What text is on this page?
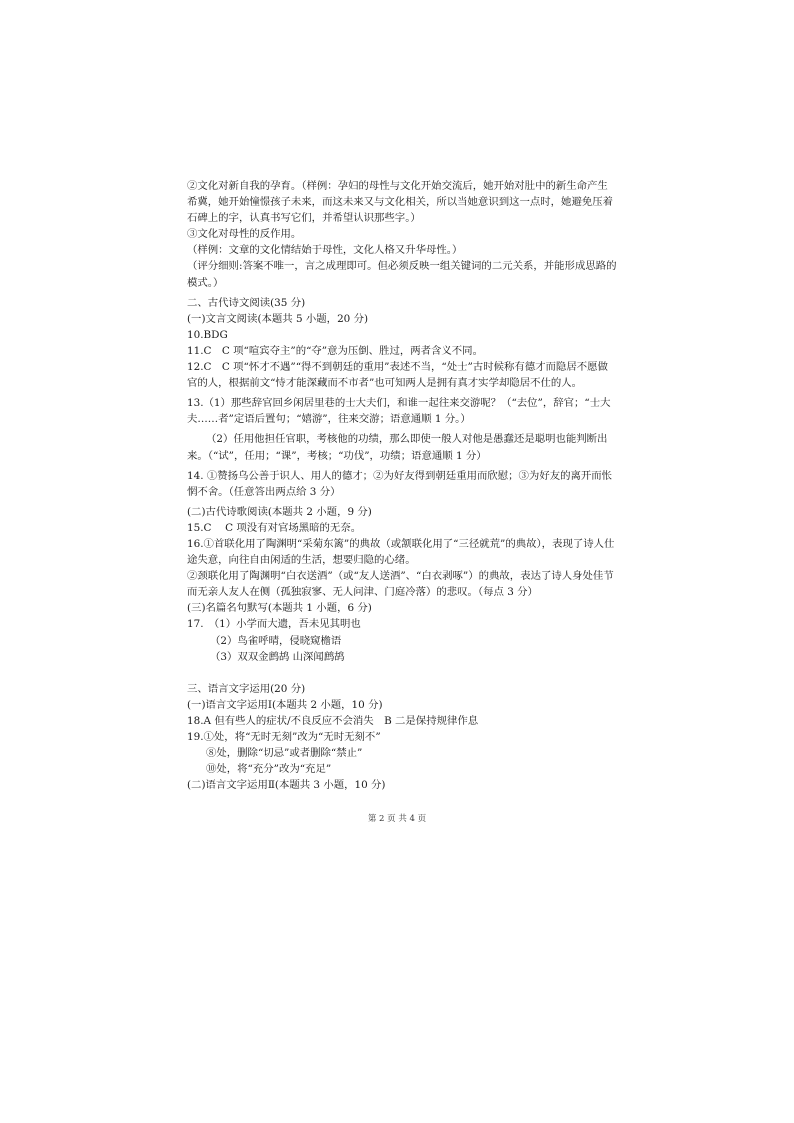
②文化对新自我的孕育。（样例：孕妇的母性与文化开始交流后，她开始对肚中的新生命产生希冀，她开始憧憬孩子未来，而这未来又与文化相关，所以当她意识到这一点时，她避免压着石碑上的字，认真书写它们，并希望认识那些字。）

③文化对母性的反作用。

（样例：文章的文化情结始于母性，文化人格又升华母性。）

（评分细则:答案不唯一，言之成理即可。但必须反映一组关键词的二元关系，并能形成思路的模式。）

二、古代诗文阅读(35 分)

(一)文言文阅读(本题共 5 小题，20 分)

10.BDG

11.C　C 项“喧宾夺主”的“夺”意为压倒、胜过，两者含义不同。

12.C　C 项“怀才不遇”“得不到朝廷的重用”表述不当，“处士”古时候称有德才而隐居不愿做官的人，根据前文“恃才能深藏而不市者”也可知两人是拥有真才实学却隐居不仕的人。

13.（1）那些辞官回乡闲居里巷的士大夫们，和谁一起往来交游呢？（“去位”，辞官；“士大夫……者”定语后置句；“嬉游”，往来交游；语意通顺 1 分。）

（2）任用他担任官职，考核他的功绩，那么即使一般人对他是愚蠢还是聪明也能判断出来。（“试”，任用；“课”，考核；“功伐”，功绩；语意通顺 1 分）

14. ①赞扬乌公善于识人、用人的德才；②为好友得到朝廷重用而欣慰；③为好友的离开而怅惘不舍。（任意答出两点给 3 分）

(二)古代诗歌阅读(本题共 2 小题，9 分)

15.C　 C 项没有对官场黑暗的无奈。

16.①首联化用了陶渊明“采菊东篱”的典故（或颔联化用了“三径就荒”的典故），表现了诗人仕途失意，向往自由闲适的生活，想要归隐的心绪。

②颈联化用了陶渊明“白衣送酒”（或“友人送酒”、“白衣剥啄”）的典故，表达了诗人身处佳节而无亲人友人在侧（孤独寂寥、无人问津、门庭冷落）的悲叹。（每点 3 分）

(三)名篇名句默写(本题共 1 小题，6 分)

17.　（1）小学而大遗，吾未见其明也

（2）鸟雀呼晴，侵晓窥檐语

（3）双双金鹧鸪 山深闻鹧鸪

三、语言文字运用(20 分)

(一)语言文字运用Ⅰ(本题共 2 小题，10 分)

18.A 但有些人的症状/不良反应不会消失　B 二是保持规律作息

19.①处，将“无时无刻”改为“无时无刻不”

⑧处，删除“切忌”或者删除“禁止”

⑩处，将“充分”改为“充足”

(二)语言文字运用Ⅱ(本题共 3 小题，10 分)

第 2 页 共 4 页
